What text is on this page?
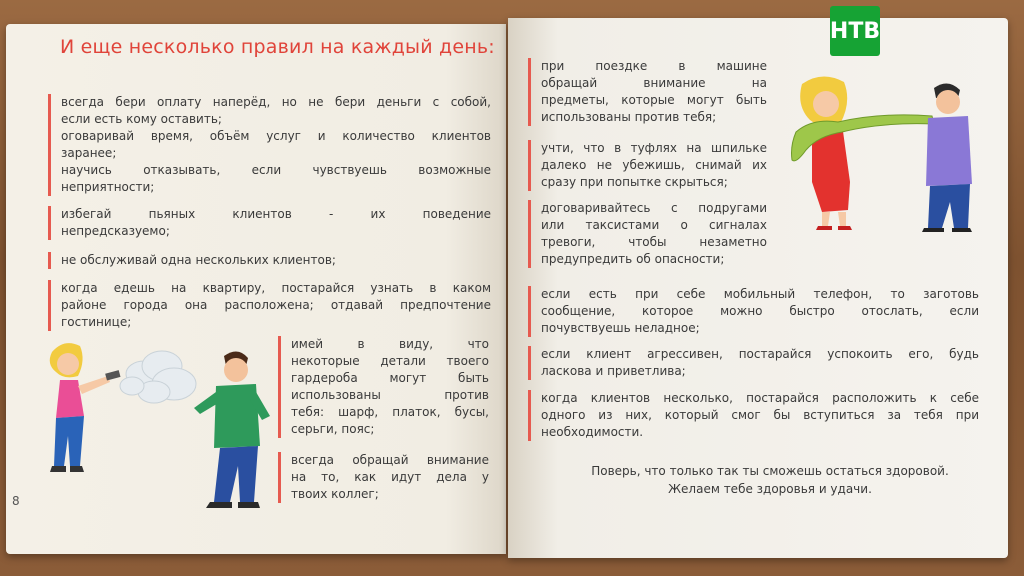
И еще несколько правил на каждый день:

всегда бери оплату наперёд, но не бери деньги с собой,

если есть кому оставить;

оговаривай время, объём услуг и количество клиентов

заранее;

научись отказывать, если чувствуешь возможные

неприятности;

избегай пьяных клиентов - их поведение

непредсказуемо;

не обслуживай одна нескольких клиентов;

когда едешь на квартиру, постарайся узнать в каком

районе города она расположена; отдавай предпочтение

гостинице;

имей в виду, что

некоторые детали твоего

гардероба могут быть

использованы против

тебя: шарф, платок, бусы,

серьги, пояс;

всегда обращай внимание

на то, как идут дела у

твоих коллег;

8

при поездке в машине

обращай внимание на

предметы, которые могут быть

использованы против тебя;

учти, что в туфлях на шпильке

далеко не убежишь, снимай их

сразу при попытке скрыться;

договаривайтесь с подругами

или таксистами о сигналах

тревоги, чтобы незаметно

предупредить об опасности;

если есть при себе мобильный телефон, то заготовь

сообщение, которое можно быстро отослать, если

почувствуешь неладное;

если клиент агрессивен, постарайся успокоить его, будь

ласкова и приветлива;

когда клиентов несколько, постарайся расположить к себе

одного из них, который смог бы вступиться за тебя при

необходимости.

Поверь, что только так ты сможешь остаться здоровой.
Желаем тебе здоровья и удачи.
НТВ
